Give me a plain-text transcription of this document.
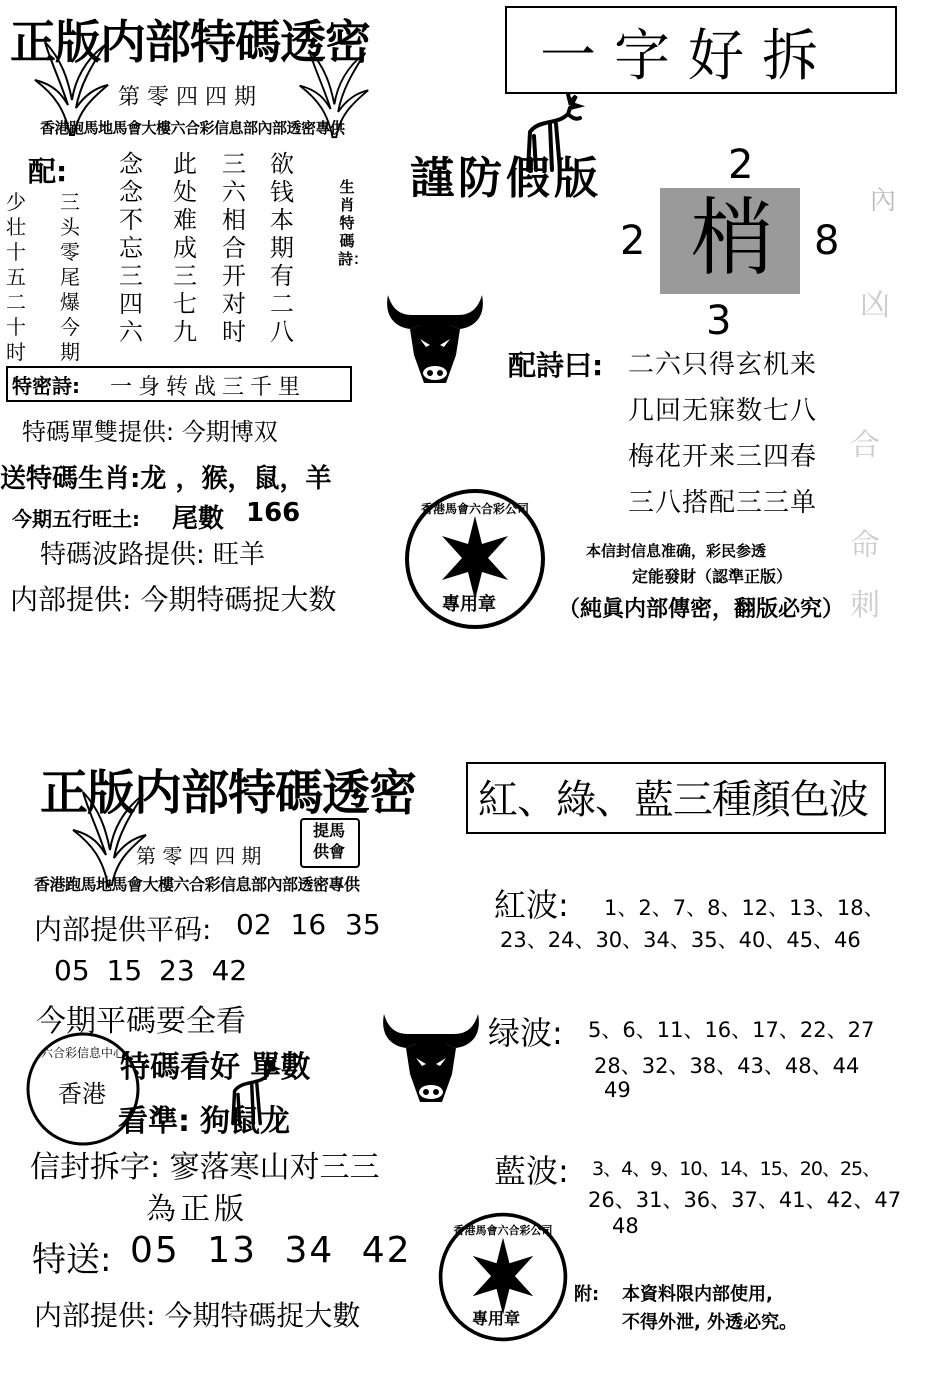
正版内部特碼透密
第 零 四 四 期
香港跑馬地馬會大樓六合彩信息部內部透密專供
配: 念念不忘三四六
此处难成三七九
三六相合开对时
欲钱本期有二八
少壮十五二十时
三头零尾爆今期
生肖特碼詩：
特密詩: 一身转战三千里
特碼單雙提供: 今期博双
送特碼生肖:龙 ，猴，鼠，羊
今期五行旺土: 尾數 166
特碼波路提供: 旺羊
内部提供: 今期特碼捉大数
一字好拆
謹防假版	2
2 梢 8
3
內
凶
合
命
刺
配詩曰: 二六只得玄机来
几回无寐数七八
梅花开来三四春
三八搭配三三单
香港馬會六合彩公司
專用章
本信封信息准确，彩民参透
定能發財（認準正版）
（純眞内部傳密，翻版必究）
正版内部特碼透密
第 零 四 四 期
提馬供會
香港跑馬地馬會大樓六合彩信息部內部透密專供
内部提供平码: 02 16 35
05 15 23 42
今期平碼要全看
六合彩信息中心
香港
特碼看好 單數
看準: 狗鼠龙
信封拆字: 寥落寒山对三三
為正版
特送: 05 13 34 42
内部提供: 今期特碼捉大數
紅、綠、藍三種顏色波
紅波: 1、2、7、8、12、13、18、
23、24、30、34、35、40、45、46
绿波: 5、6、11、16、17、22、27
28、32、38、43、48、44
49
藍波: 3、4、9、10、14、15、20、25、
26、31、36、37、41、42、47
48
香港馬會六合彩公司
專用章
附: 本資料限内部使用,
不得外泄, 外透必究。
